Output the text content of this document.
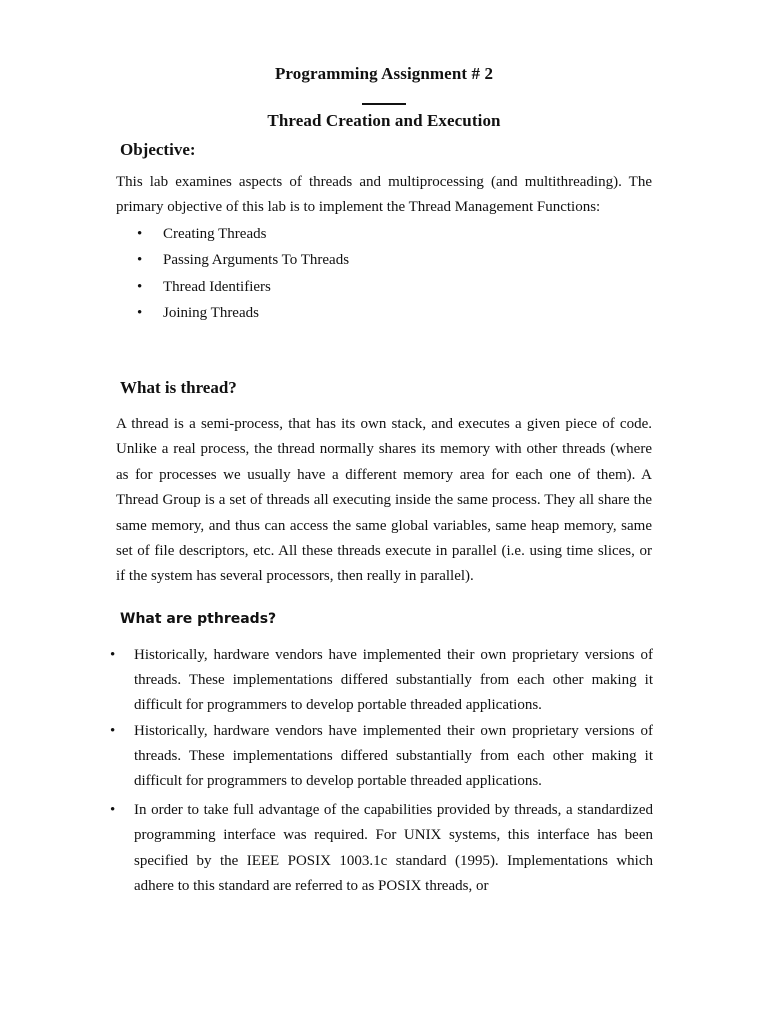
Programming Assignment # 2
Thread Creation and Execution
Objective:
This lab examines aspects of threads and multiprocessing (and multithreading). The primary objective of this lab is to implement the Thread Management Functions:
• Creating Threads
• Passing Arguments To Threads
• Thread Identifiers
• Joining Threads
What is thread?
A thread is a semi-process, that has its own stack, and executes a given piece of code. Unlike a real process, the thread normally shares its memory with other threads (where as for processes we usually have a different memory area for each one of them). A Thread Group is a set of threads all executing inside the same process. They all share the same memory, and thus can access the same global variables, same heap memory, same set of file descriptors, etc. All these threads execute in parallel (i.e. using time slices, or if the system has several processors, then really in parallel).
What are pthreads?
• Historically, hardware vendors have implemented their own proprietary versions of threads. These implementations differed substantially from each other making it difficult for programmers to develop portable threaded applications.
• Historically, hardware vendors have implemented their own proprietary versions of threads. These implementations differed substantially from each other making it difficult for programmers to develop portable threaded applications.
• In order to take full advantage of the capabilities provided by threads, a standardized programming interface was required. For UNIX systems, this interface has been specified by the IEEE POSIX 1003.1c standard (1995). Implementations which adhere to this standard are referred to as POSIX threads, or
